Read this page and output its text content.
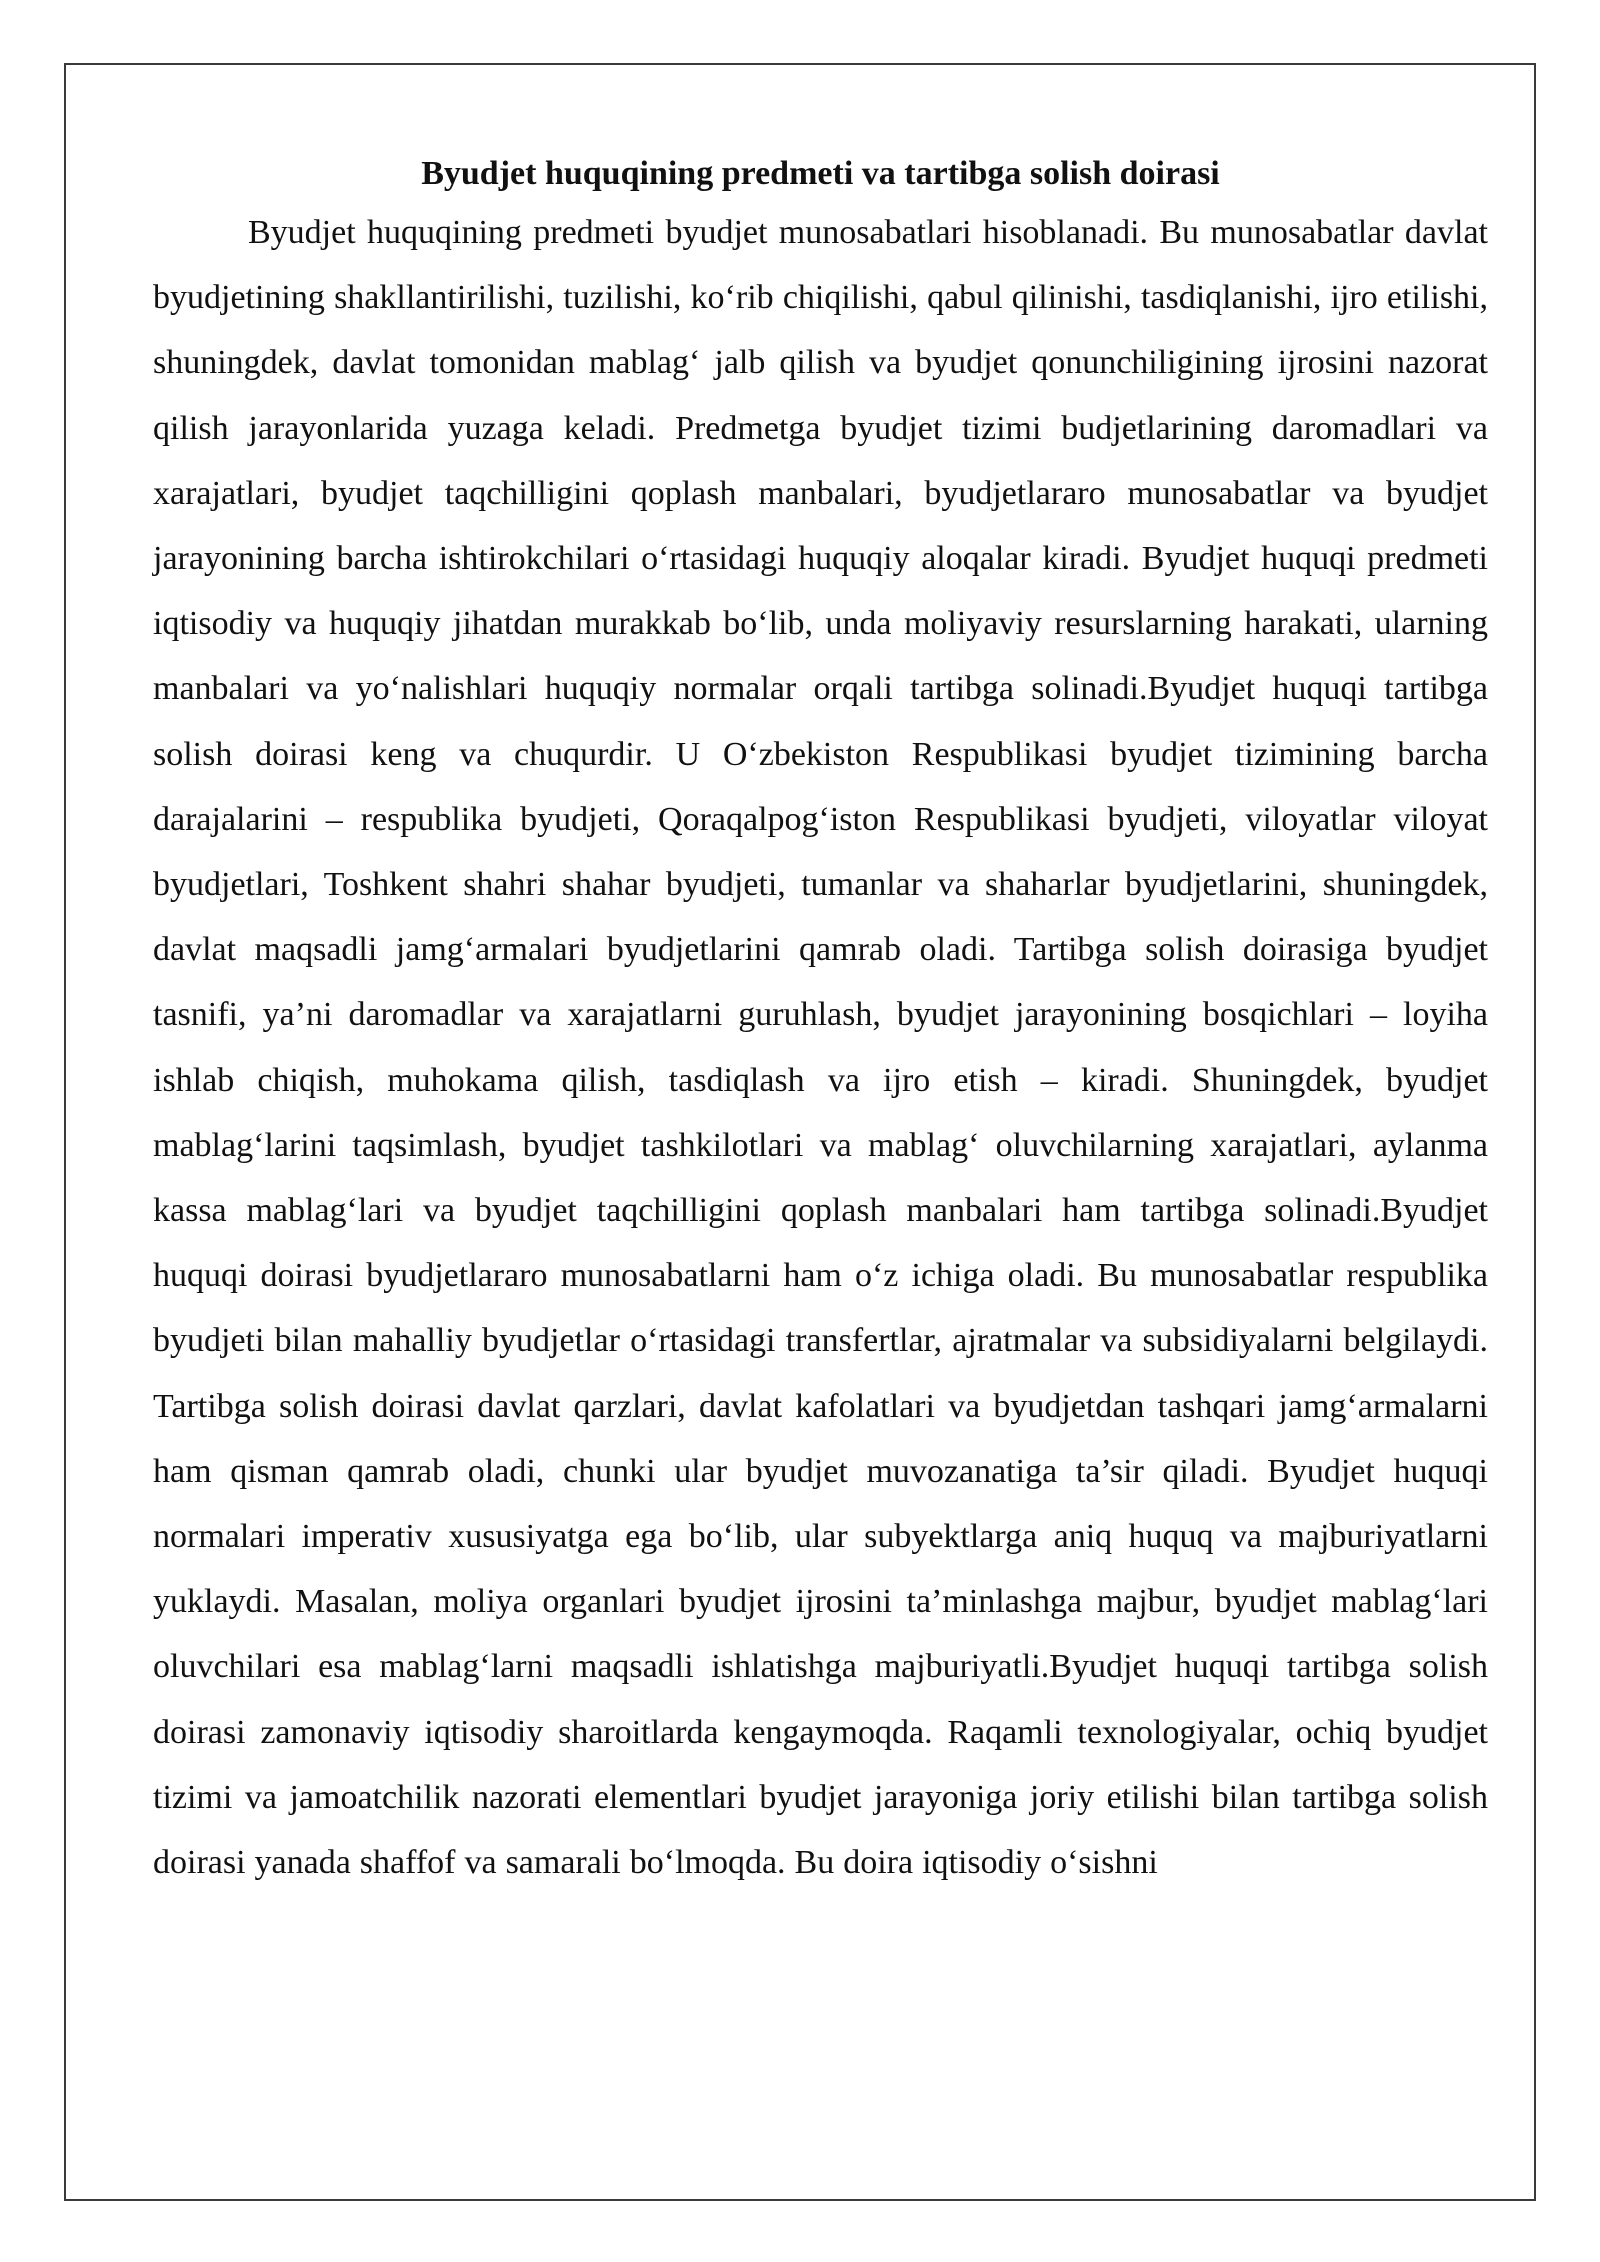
Byudjet huquqining predmeti va tartibga solish doirasi

Byudjet huquqining predmeti byudjet munosabatlari hisoblanadi. Bu munosabatlar davlat byudjetining shakllantirilishi, tuzilishi, ko‘rib chiqilishi, qabul qilinishi, tasdiqlanishi, ijro etilishi, shuningdek, davlat tomonidan mablag‘ jalb qilish va byudjet qonunchiligining ijrosini nazorat qilish jarayonlarida yuzaga keladi. Predmetga byudjet tizimi budjetlarining daromadlari va xarajatlari, byudjet taqchilligini qoplash manbalari, byudjetlararo munosabatlar va byudjet jarayonining barcha ishtirokchilari o‘rtasidagi huquqiy aloqalar kiradi. Byudjet huquqi predmeti iqtisodiy va huquqiy jihatdan murakkab bo‘lib, unda moliyaviy resurslarning harakati, ularning manbalari va yo‘nalishlari huquqiy normalar orqali tartibga solinadi.Byudjet huquqi tartibga solish doirasi keng va chuqurdir. U O‘zbekiston Respublikasi byudjet tizimining barcha darajalarini – respublika byudjeti, Qoraqalpog‘iston Respublikasi byudjeti, viloyatlar viloyat byudjetlari, Toshkent shahri shahar byudjeti, tumanlar va shaharlar byudjetlarini, shuningdek, davlat maqsadli jamg‘armalari byudjetlarini qamrab oladi. Tartibga solish doirasiga byudjet tasnifi, ya’ni daromadlar va xarajatlarni guruhlash, byudjet jarayonining bosqichlari – loyiha ishlab chiqish, muhokama qilish, tasdiqlash va ijro etish – kiradi. Shuningdek, byudjet mablag‘larini taqsimlash, byudjet tashkilotlari va mablag‘ oluvchilarning xarajatlari, aylanma kassa mablag‘lari va byudjet taqchilligini qoplash manbalari ham tartibga solinadi.Byudjet huquqi doirasi byudjetlararo munosabatlarni ham o‘z ichiga oladi. Bu munosabatlar respublika byudjeti bilan mahalliy byudjetlar o‘rtasidagi transfertlar, ajratmalar va subsidiyalarni belgilaydi. Tartibga solish doirasi davlat qarzlari, davlat kafolatlari va byudjetdan tashqari jamg‘armalarni ham qisman qamrab oladi, chunki ular byudjet muvozanatiga ta’sir qiladi. Byudjet huquqi normalari imperativ xususiyatga ega bo‘lib, ular subyektlarga aniq huquq va majburiyatlarni yuklaydi. Masalan, moliya organlari byudjet ijrosini ta’minlashga majbur, byudjet mablag‘lari oluvchilari esa mablag‘larni maqsadli ishlatishga majburiyatli.Byudjet huquqi tartibga solish doirasi zamonaviy iqtisodiy sharoitlarda kengaymoqda. Raqamli texnologiyalar, ochiq byudjet tizimi va jamoatchilik nazorati elementlari byudjet jarayoniga joriy etilishi bilan tartibga solish doirasi yanada shaffof va samarali bo‘lmoqda. Bu doira iqtisodiy o‘sishni
